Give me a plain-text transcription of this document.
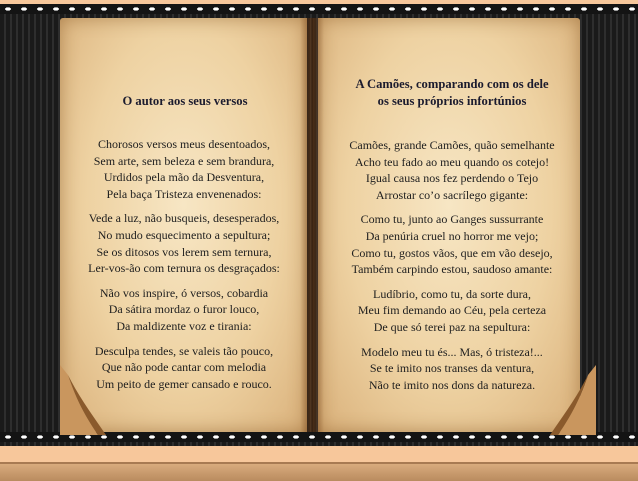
O autor aos seus versos
Chorosos versos meus desentoados,
Sem arte, sem beleza e sem brandura,
Urdidos pela mão da Desventura,
Pela baça Tristeza envenenados:
Vede a luz, não busqueis, desesperados,
No mudo esquecimento a sepultura;
Se os ditosos vos lerem sem ternura,
Ler-vos-ão com ternura os desgraçados:
Não vos inspire, ó versos, cobardia
Da sátira mordaz o furor louco,
Da maldizente voz e tirania:
Desculpa tendes, se valeis tão pouco,
Que não pode cantar com melodia
Um peito de gemer cansado e rouco.
A Camões, comparando com os dele
os seus próprios infortúnios
Camões, grande Camões, quão semelhante
Acho teu fado ao meu quando os cotejo!
Igual causa nos fez perdendo o Tejo
Arrostar co’o sacrílego gigante:
Como tu, junto ao Ganges sussurrante
Da penúria cruel no horror me vejo;
Como tu, gostos vãos, que em vão desejo,
Também carpindo estou, saudoso amante:
Ludíbrio, como tu, da sorte dura,
Meu fim demando ao Céu, pela certeza
De que só terei paz na sepultura:
Modelo meu tu és... Mas, ó tristeza!...
Se te imito nos transes da ventura,
Não te imito nos dons da natureza.
